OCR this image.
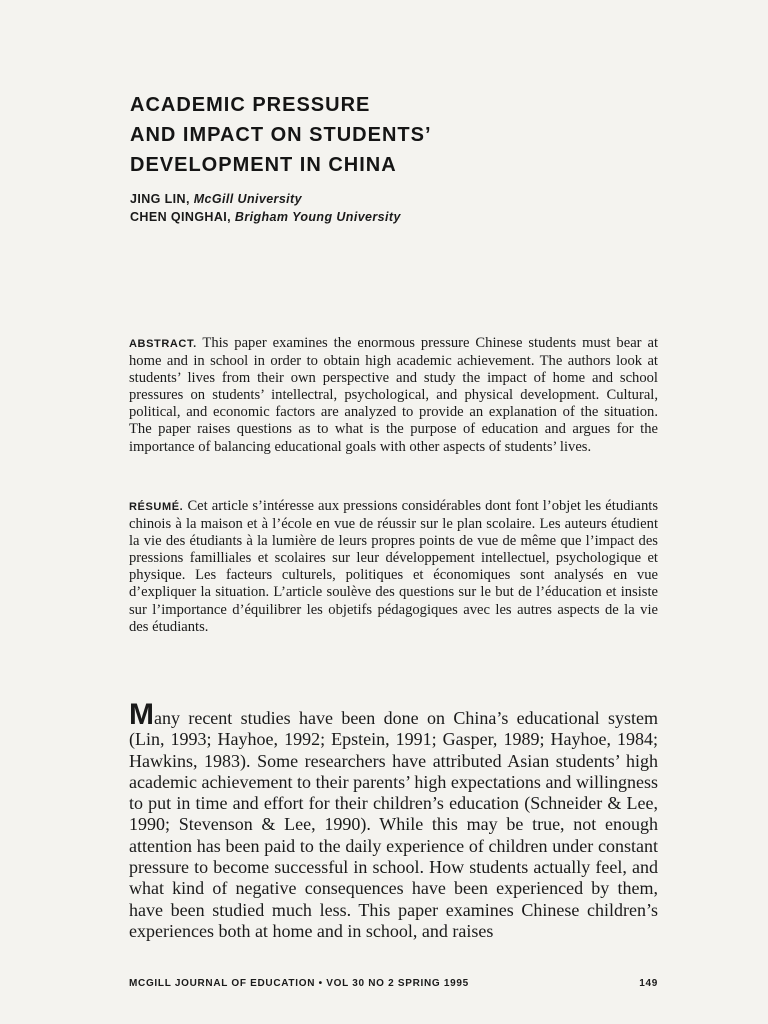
ACADEMIC PRESSURE
AND IMPACT ON STUDENTS’
DEVELOPMENT IN CHINA
JING LIN, McGill University
CHEN QINGHAI, Brigham Young University
ABSTRACT. This paper examines the enormous pressure Chinese students must bear at home and in school in order to obtain high academic achievement. The authors look at students’ lives from their own perspective and study the impact of home and school pressures on students’ intellectral, psychological, and physical development. Cultural, political, and economic factors are analyzed to provide an explanation of the situation. The paper raises questions as to what is the purpose of education and argues for the importance of balancing educational goals with other aspects of students’ lives.
RÉSUMÉ. Cet article s’intéresse aux pressions considérables dont font l’objet les étudiants chinois à la maison et à l’école en vue de réussir sur le plan scolaire. Les auteurs étudient la vie des étudiants à la lumière de leurs propres points de vue de même que l’impact des pressions familliales et scolaires sur leur développement intellectuel, psychologique et physique. Les facteurs culturels, politiques et économiques sont analysés en vue d’expliquer la situation. L’article soulève des questions sur le but de l’éducation et insiste sur l’importance d’équilibrer les objetifs pédagogiques avec les autres aspects de la vie des étudiants.
Many recent studies have been done on China’s educational system (Lin, 1993; Hayhoe, 1992; Epstein, 1991; Gasper, 1989; Hayhoe, 1984; Hawkins, 1983). Some researchers have attributed Asian students’ high academic achievement to their parents’ high expectations and willingness to put in time and effort for their children’s education (Schneider & Lee, 1990; Stevenson & Lee, 1990). While this may be true, not enough attention has been paid to the daily experience of children under constant pressure to become successful in school. How students actually feel, and what kind of negative consequences have been experienced by them, have been studied much less. This paper examines Chinese children’s experiences both at home and in school, and raises
MCGILL JOURNAL OF EDUCATION • VOL 30 NO 2 SPRING 1995	149
